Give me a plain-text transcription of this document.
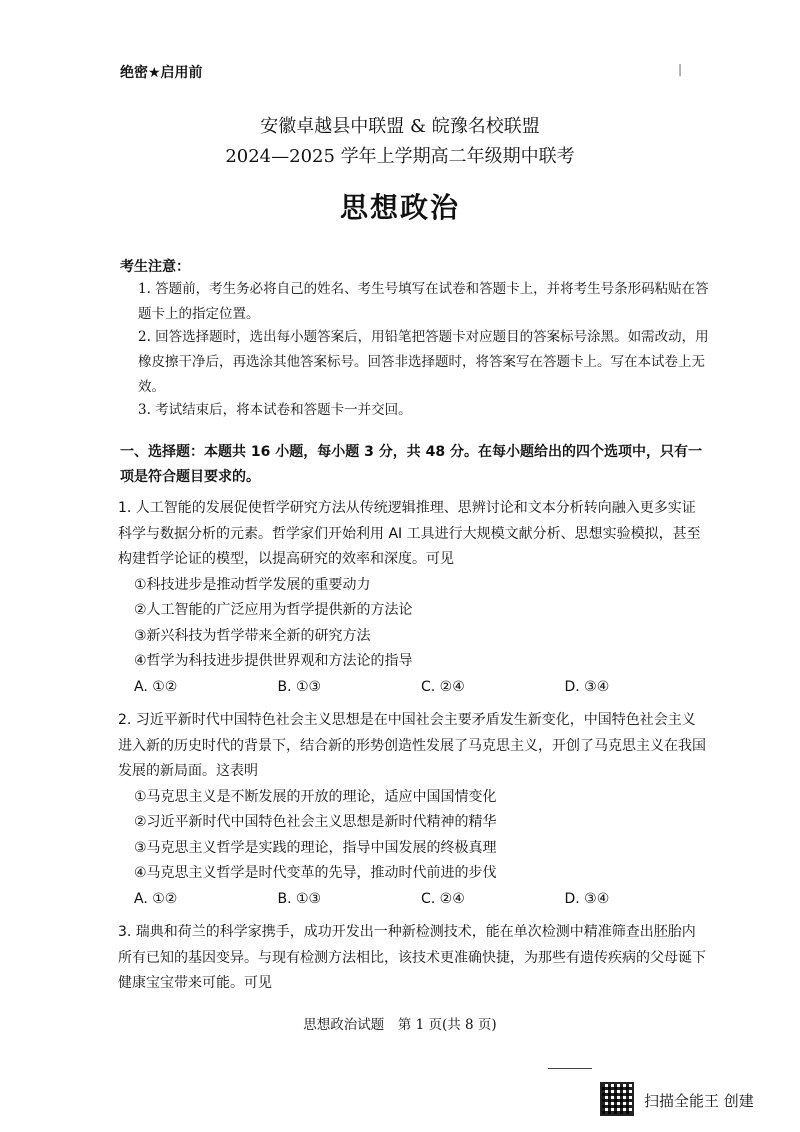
绝密★启用前	|
安徽卓越县中联盟 & 皖豫名校联盟
2024—2025 学年上学期高二年级期中联考
思想政治
考生注意：
1. 答题前，考生务必将自己的姓名、考生号填写在试卷和答题卡上，并将考生号条形码粘贴在答题卡上的指定位置。
2. 回答选择题时，选出每小题答案后，用铅笔把答题卡对应题目的答案标号涂黑。如需改动，用橡皮擦干净后，再选涂其他答案标号。回答非选择题时，将答案写在答题卡上。写在本试卷上无效。
3. 考试结束后，将本试卷和答题卡一并交回。
一、选择题：本题共 16 小题，每小题 3 分，共 48 分。在每小题给出的四个选项中，只有一项是符合题目要求的。
1. 人工智能的发展促使哲学研究方法从传统逻辑推理、思辨讨论和文本分析转向融入更多实证科学与数据分析的元素。哲学家们开始利用 AI 工具进行大规模文献分析、思想实验模拟，甚至构建哲学论证的模型，以提高研究的效率和深度。可见
①科技进步是推动哲学发展的重要动力
②人工智能的广泛应用为哲学提供新的方法论
③新兴科技为哲学带来全新的研究方法
④哲学为科技进步提供世界观和方法论的指导
A. ①②	B. ①③	C. ②④	D. ③④
2. 习近平新时代中国特色社会主义思想是在中国社会主要矛盾发生新变化，中国特色社会主义进入新的历史时代的背景下，结合新的形势创造性发展了马克思主义，开创了马克思主义在我国发展的新局面。这表明
①马克思主义是不断发展的开放的理论，适应中国国情变化
②习近平新时代中国特色社会主义思想是新时代精神的精华
③马克思主义哲学是实践的理论，指导中国发展的终极真理
④马克思主义哲学是时代变革的先导，推动时代前进的步伐
A. ①②	B. ①③	C. ②④	D. ③④
3. 瑞典和荷兰的科学家携手，成功开发出一种新检测技术，能在单次检测中精准筛查出胚胎内所有已知的基因变异。与现有检测方法相比，该技术更准确快捷，为那些有遗传疾病的父母诞下健康宝宝带来可能。可见
思想政治试题　第 1 页(共 8 页)
扫描全能王 创建
